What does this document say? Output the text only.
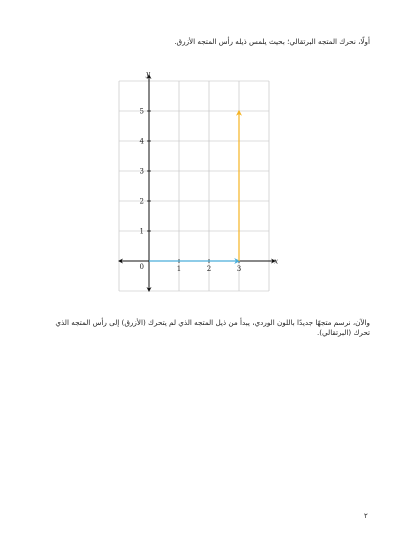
أولًا، نحرك المتجه البرتقالي؛ بحيث يلمس ذيله رأس المتجه الأزرق.
1	2	3
1
2
3
4
5
0
x
y
والآن، نرسم متجهًا جديدًا باللون الوردي، يبدأ من ذيل المتجه الذي لم يتحرك (الأزرق) إلى رأس المتجه الذي تحرك (البرتقالي).
٢
